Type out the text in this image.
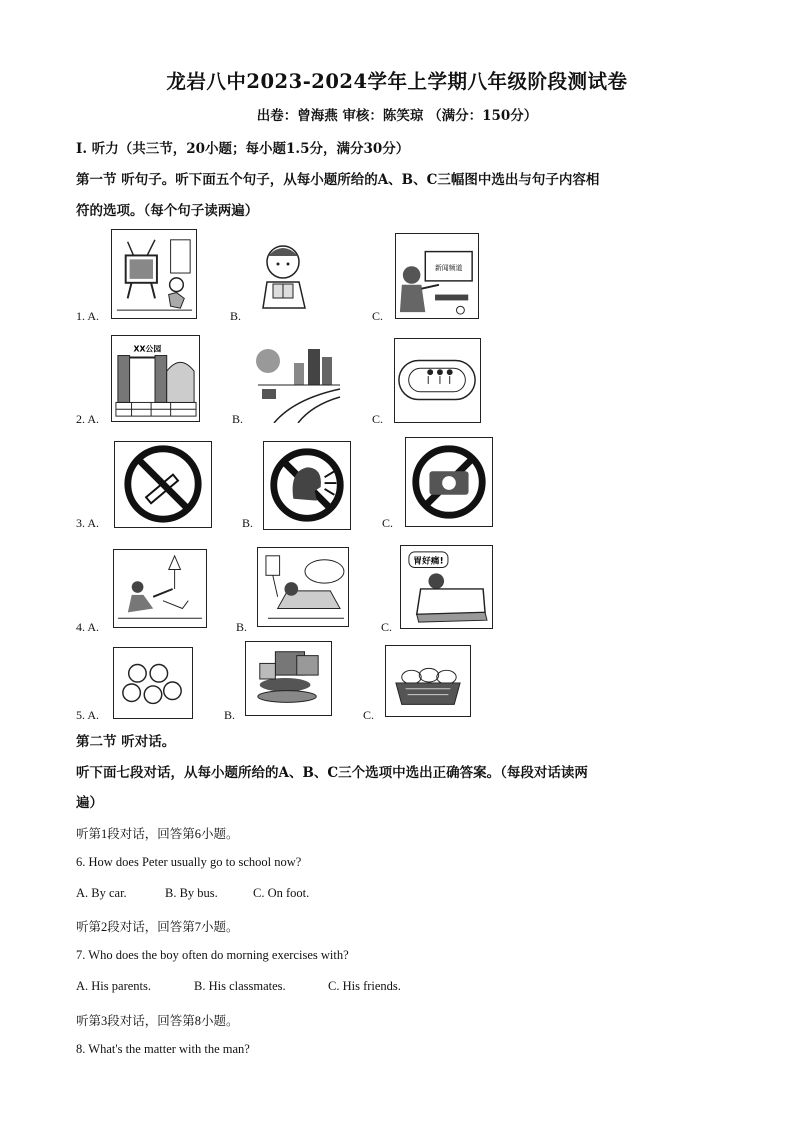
龙岩八中2023-2024学年上学期八年级阶段测试卷
出卷：曾海燕 审核：陈笑琼 （满分：150分）
I. 听力（共三节，20小题；每小题1.5分，满分30分）
第一节 听句子。听下面五个句子，从每小题所给的A、B、C三幅图中选出与句子内容相
符的选项。（每个句子读两遍）
新闻频道
1. A.	B.	C.
XX公园
2. A.	B.	C.
3. A.	B.	C.
胃好痛!
4. A.	B.	C.
5. A.	B.	C.
第二节 听对话。
听下面七段对话，从每小题所给的A、B、C三个选项中选出正确答案。（每段对话读两
遍）
听第1段对话，回答第6小题。
6. How does Peter usually go to school now?
A. By car.	B. By bus.	C. On foot.
听第2段对话，回答第7小题。
7. Who does the boy often do morning exercises with?
A. His parents.	B. His classmates.	C. His friends.
听第3段对话，回答第8小题。
8. What's the matter with the man?
